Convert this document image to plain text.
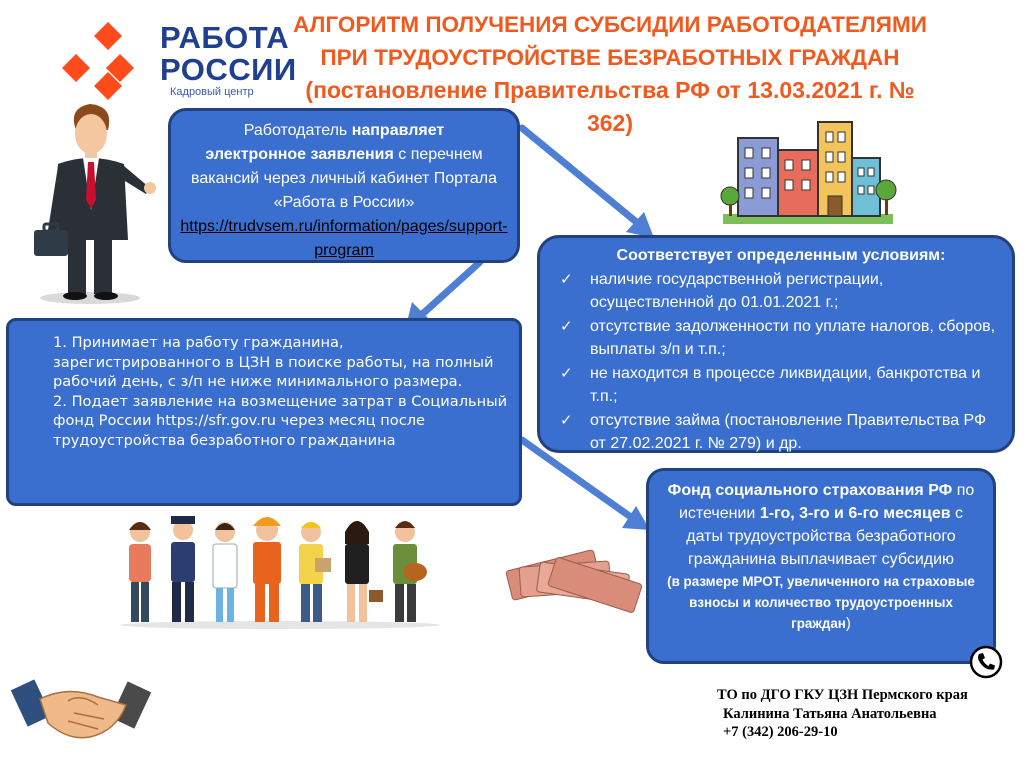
РАБОТА
РОССИИ
Кадровый центр
АЛГОРИТМ ПОЛУЧЕНИЯ СУБСИДИИ РАБОТОДАТЕЛЯМИ
ПРИ ТРУДОУСТРОЙСТВЕ БЕЗРАБОТНЫХ ГРАЖДАН
(постановление Правительства РФ от 13.03.2021 г. № 362)
Работодатель направляет
электронное заявления с перечнем вакансий через личный кабинет Портала «Работа в России»
https://trudvsem.ru/information/pages/support-program	Соответствует определенным условиям:
✓	наличие государственной регистрации, осуществленной до 01.01.2021 г.;
✓	отсутствие задолженности по уплате налогов, сборов, выплаты з/п и т.п.;
✓	не находится в процессе ликвидации, банкротства и т.п.;
✓	отсутствие займа (постановление Правительства РФ от 27.02.2021 г. № 279) и др.
1. Принимает на работу гражданина, зарегистрированного в ЦЗН в поиске работы, на полный рабочий день, с з/п не ниже минимального размера.
2. Подает заявление на возмещение затрат в Социальный фонд России https://sfr.gov.ru через месяц после трудоустройства безработного гражданина
Фонд социального страхования РФ по истечении 1-го, 3-го и 6-го месяцев с даты трудоустройства безработного гражданина выплачивает субсидию
(в размере МРОТ, увеличенного на страховые взносы и количество трудоустроенных граждан)
ТО по ДГО ГКУ ЦЗН Пермского края
Калинина Татьяна Анатольевна
+7 (342) 206-29-10
